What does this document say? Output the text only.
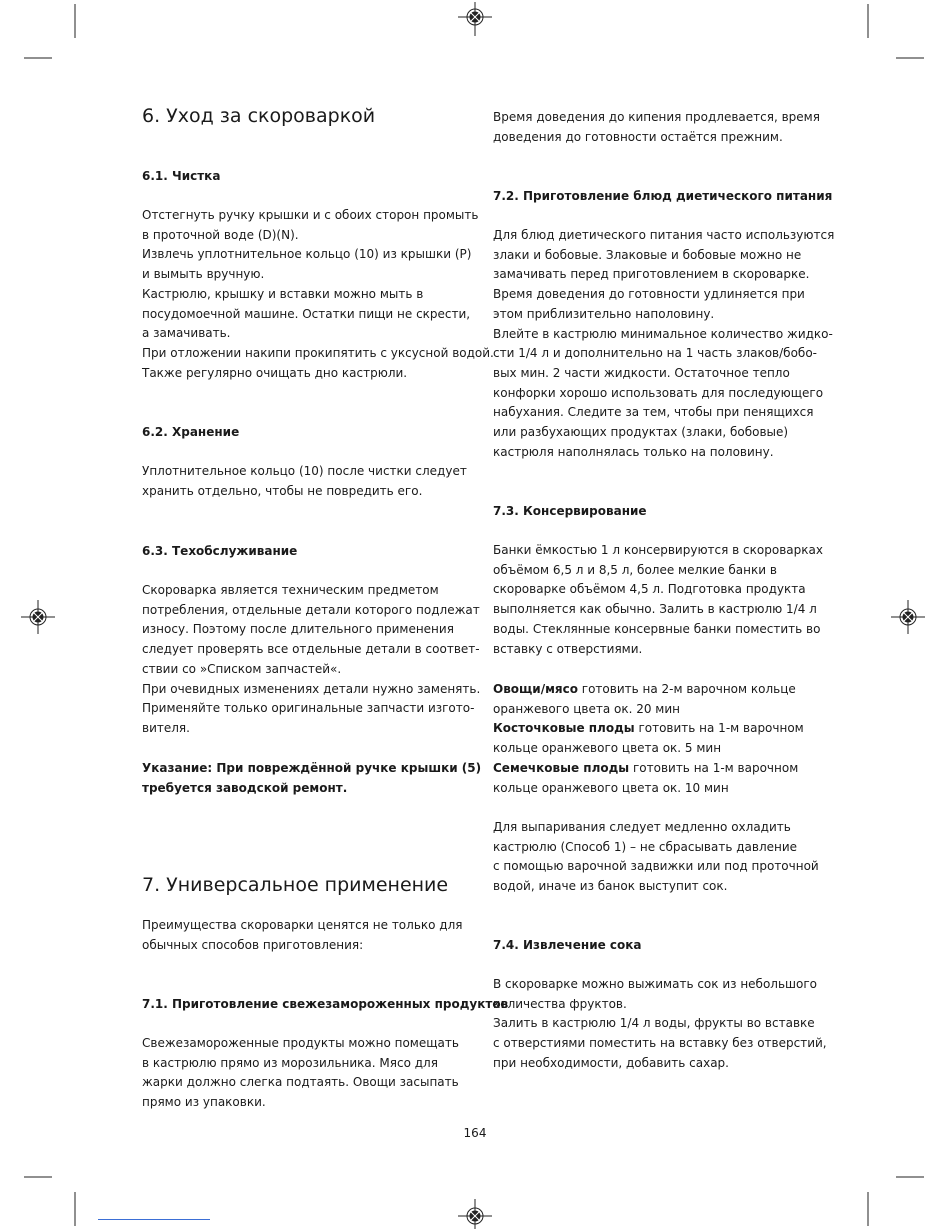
6. Уход за скороваркой
6.1. Чистка
Отстегнуть ручку крышки и с обоих сторон промыть
в проточной воде (D)(N).
Извлечь уплотнительное кольцо (10) из крышки (P)
и вымыть вручную.
Кастрюлю, крышку и вставки можно мыть в
посудомоечной машине. Остатки пищи не скрести,
а замачивать.
При отложении накипи прокипятить с уксусной водой.
Также регулярно очищать дно кастрюли.
6.2. Хранение
Уплотнительное кольцо (10) после чистки следует
хранить отдельно, чтобы не повредить его.
6.3. Техобслуживание
Скороварка является техническим предметом
потребления, отдельные детали которого подлежат
износу. Поэтому после длительного применения
следует проверять все отдельные детали в соответ-
ствии со »Списком запчастей«.
При очевидных изменениях детали нужно заменять.
Применяйте только оригинальные запчасти изгото-
вителя.
Указание: При повреждённой ручке крышки (5)
требуется заводской ремонт.
7. Универсальное применение
Преимущества скороварки ценятся не только для
обычных способов приготовления:
7.1. Приготовление свежезамороженных продуктов
Свежезамороженные продукты можно помещать
в кастрюлю прямо из морозильника. Мясо для
жарки должно слегка подтаять. Овощи засыпать
прямо из упаковки.
Время доведения до кипения продлевается, время
доведения до готовности остаётся прежним.
7.2. Приготовление блюд диетического питания
Для блюд диетического питания часто используются
злаки и бобовые. Злаковые и бобовые можно не
замачивать перед приготовлением в скороварке.
Время доведения до готовности удлиняется при
этом приблизительно наполовину.
Влейте в кастрюлю минимальное количество жидко-
сти 1/4 л и дополнительно на 1 часть злаков/бобо-
вых мин. 2 части жидкости. Остаточное тепло
конфорки хорошо использовать для последующего
набухания. Следите за тем, чтобы при пенящихся
или разбухающих продуктах (злаки, бобовые)
кастрюля наполнялась только на половину.
7.3. Консервирование
Банки ёмкостью 1 л консервируются в скороварках
объёмом 6,5 л и 8,5 л, более мелкие банки в
скороварке объёмом 4,5 л. Подготовка продукта
выполняется как обычно. Залить в кастрюлю 1/4 л
воды. Стеклянные консервные банки поместить во
вставку с отверстиями.
Овощи/мясо готовить на 2-м варочном кольце
оранжевого цвета ок. 20 мин
Косточковые плоды готовить на 1-м варочном
кольце оранжевого цвета ок. 5 мин
Семечковые плоды готовить на 1-м варочном
кольце оранжевого цвета ок. 10 мин
Для выпаривания следует медленно охладить
кастрюлю (Способ 1) – не сбрасывать давление
с помощью варочной задвижки или под проточной
водой, иначе из банок выступит сок.
7.4. Извлечение сока
В скороварке можно выжимать сок из небольшого
количества фруктов.
Залить в кастрюлю 1/4 л воды, фрукты во вставке
с отверстиями поместить на вставку без отверстий,
при необходимости, добавить сахар.
164
